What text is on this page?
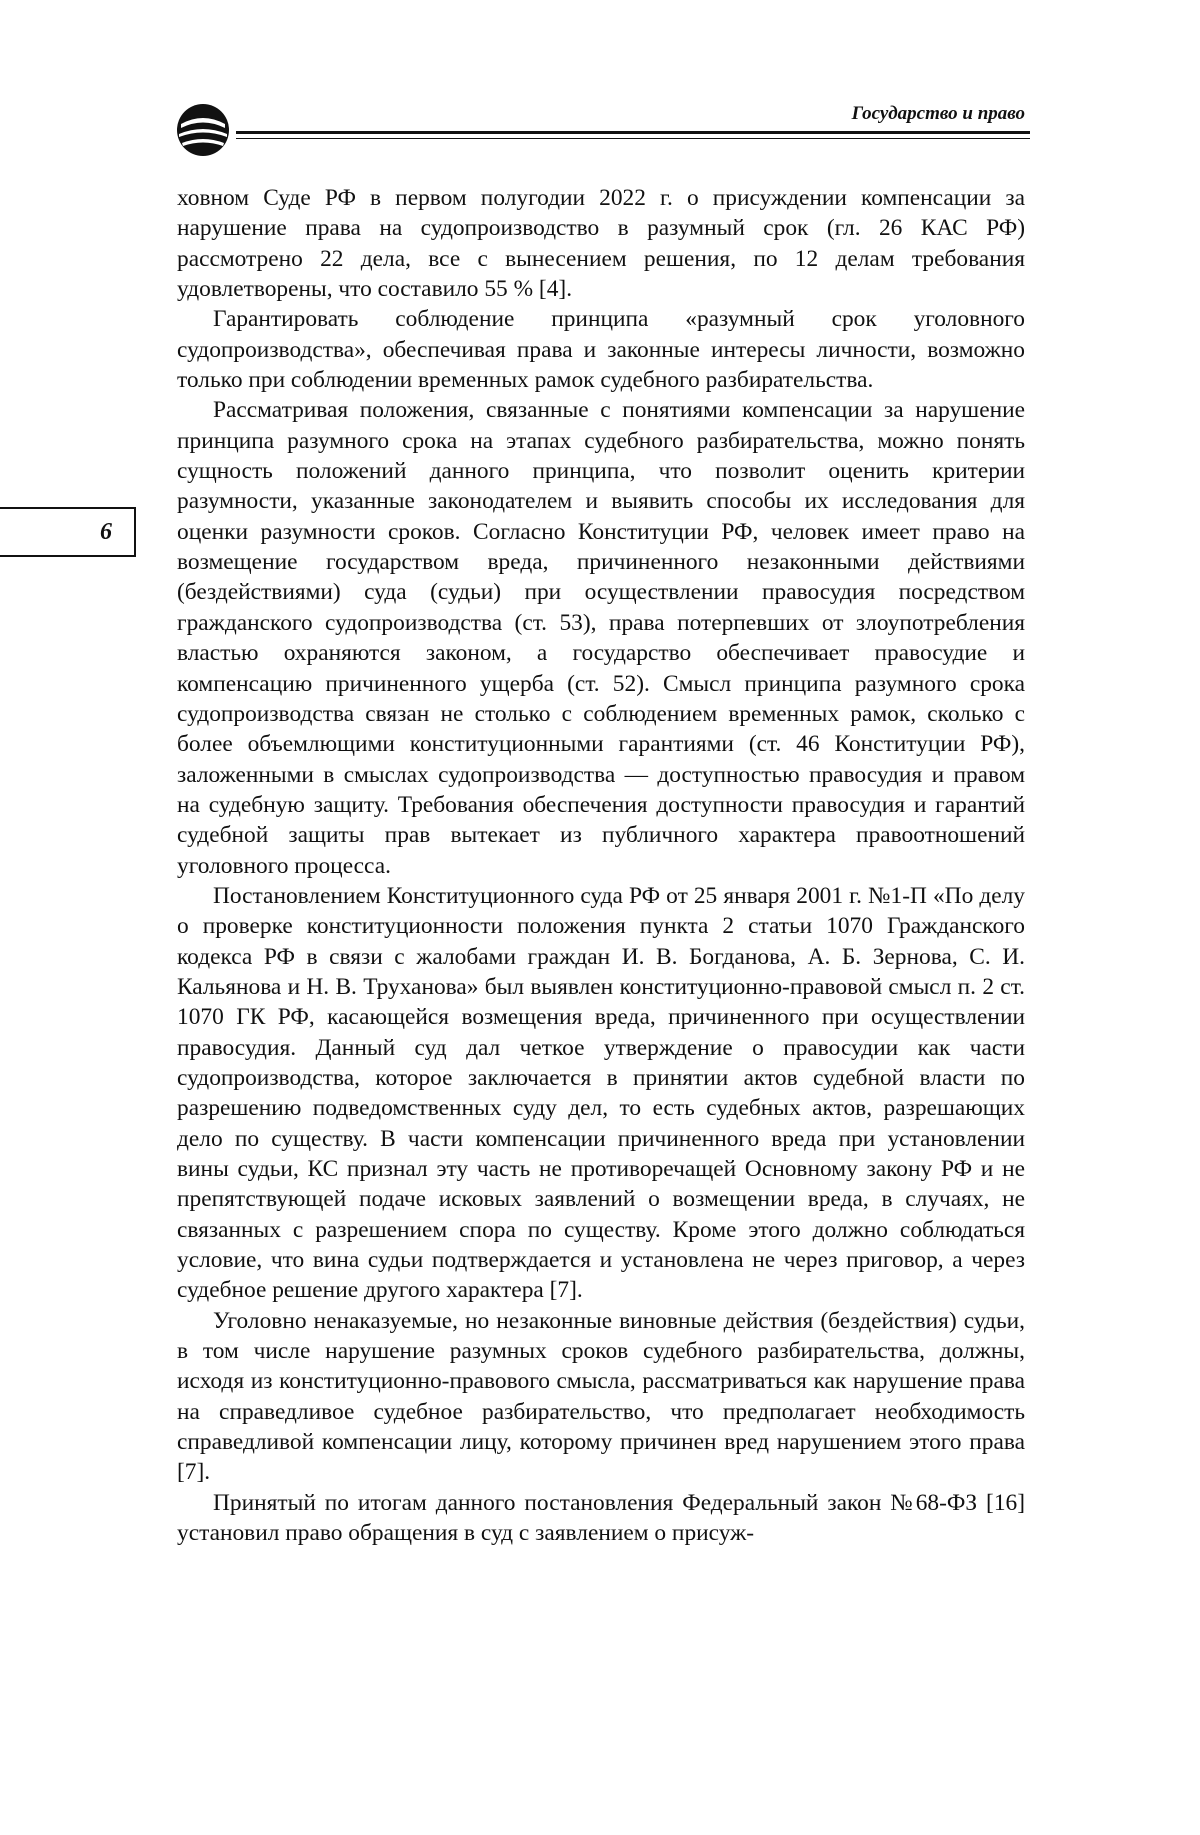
Государство и право
6

ховном Суде РФ в первом полугодии 2022 г. о присуждении компенсации за нарушение права на судопроизводство в разумный срок (гл. 26 КАС РФ) рассмотрено 22 дела, все с вынесением решения, по 12 делам требования удовлетворены, что составило 55 % [4].

Гарантировать соблюдение принципа «разумный срок уголовного судопроизводства», обеспечивая права и законные интересы личности, возможно только при соблюдении временных рамок судебного разбирательства.

Рассматривая положения, связанные с понятиями компенсации за нарушение принципа разумного срока на этапах судебного разбирательства, можно понять сущность положений данного принципа, что позволит оценить критерии разумности, указанные законодателем и выявить способы их исследования для оценки разумности сроков. Согласно Конституции РФ, человек имеет право на возмещение государством вреда, причиненного незаконными действиями (бездействиями) суда (судьи) при осуществлении правосудия посредством гражданского судопроизводства (ст. 53), права потерпевших от злоупотребления властью охраняются законом, а государство обеспечивает правосудие и компенсацию причиненного ущерба (ст. 52). Смысл принципа разумного срока судопроизводства связан не столько с соблюдением временных рамок, сколько с более объемлющими конституционными гарантиями (ст. 46 Конституции РФ), заложенными в смыслах судопроизводства — доступностью правосудия и правом на судебную защиту. Требования обеспечения доступности правосудия и гарантий судебной защиты прав вытекает из публичного характера правоотношений уголовного процесса.

Постановлением Конституционного суда РФ от 25 января 2001 г. №1-П «По делу о проверке конституционности положения пункта 2 статьи 1070 Гражданского кодекса РФ в связи с жалобами граждан И. В. Богданова, А. Б. Зернова, С. И. Кальянова и Н. В. Труханова» был выявлен конституционно-правовой смысл п. 2 ст. 1070 ГК РФ, касающейся возмещения вреда, причиненного при осуществлении правосудия. Данный суд дал четкое утверждение о правосудии как части судопроизводства, которое заключается в принятии актов судебной власти по разрешению подведомственных суду дел, то есть судебных актов, разрешающих дело по существу. В части компенсации причиненного вреда при установлении вины судьи, КС признал эту часть не противоречащей Основному закону РФ и не препятствующей подаче исковых заявлений о возмещении вреда, в случаях, не связанных с разрешением спора по существу. Кроме этого должно соблюдаться условие, что вина судьи подтверждается и установлена не через приговор, а через судебное решение другого характера [7].

Уголовно ненаказуемые, но незаконные виновные действия (бездействия) судьи, в том числе нарушение разумных сроков судебного разбирательства, должны, исходя из конституционно-правового смысла, рассматриваться как нарушение права на справедливое судебное разбирательство, что предполагает необходимость справедливой компенсации лицу, которому причинен вред нарушением этого права [7].

Принятый по итогам данного постановления Федеральный закон №68-ФЗ [16] установил право обращения в суд с заявлением о присуж-
